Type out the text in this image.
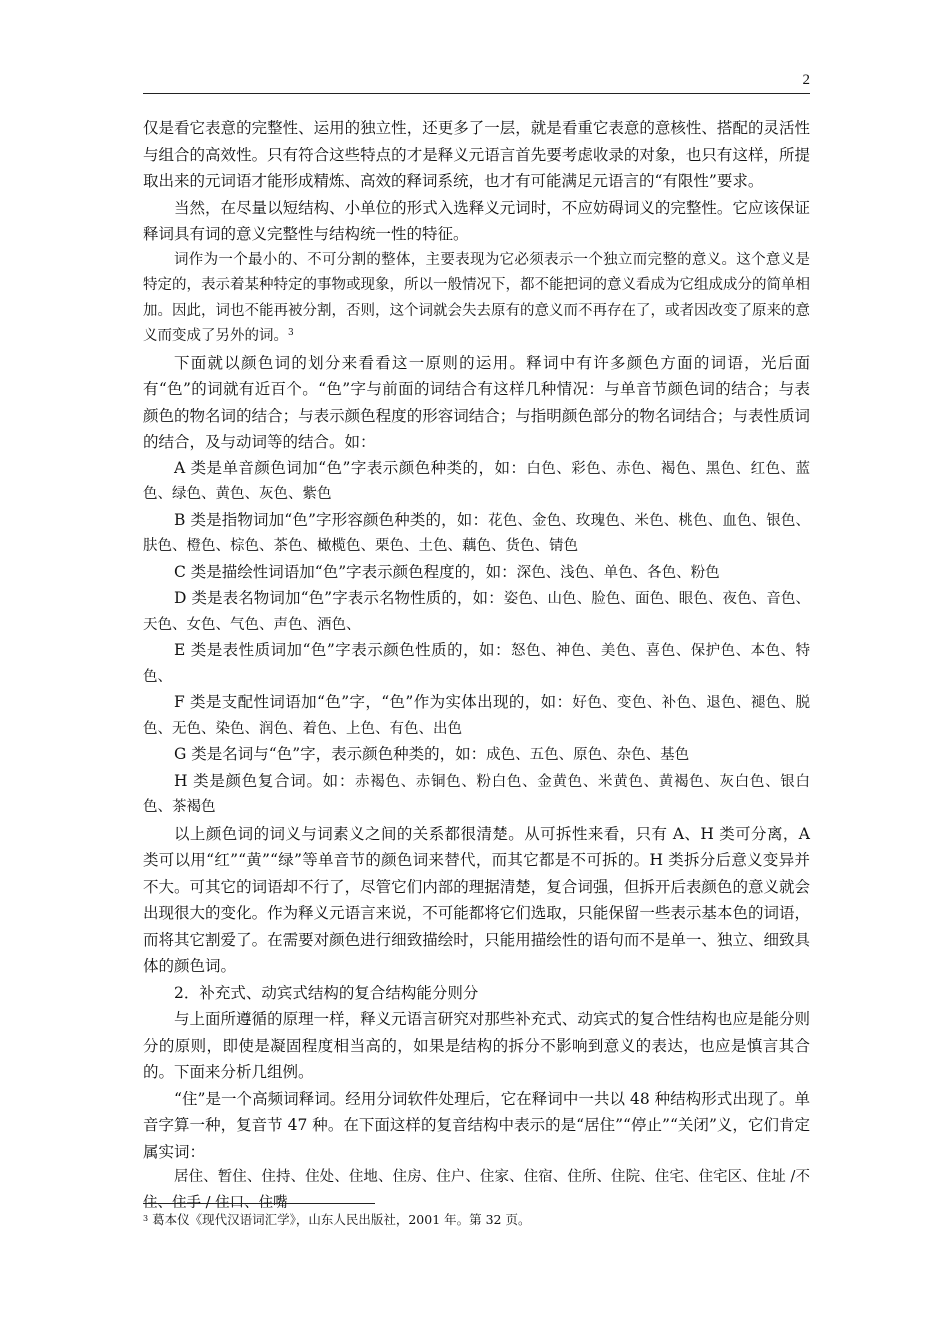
2

仅是看它表意的完整性、运用的独立性，还更多了一层，就是看重它表意的意核性、搭配的灵活性与组合的高效性。只有符合这些特点的才是释义元语言首先要考虑收录的对象，也只有这样，所提取出来的元词语才能形成精炼、高效的释词系统，也才有可能满足元语言的“有限性”要求。

当然，在尽量以短结构、小单位的形式入选释义元词时，不应妨碍词义的完整性。它应该保证释词具有词的意义完整性与结构统一性的特征。

词作为一个最小的、不可分割的整体，主要表现为它必须表示一个独立而完整的意义。这个意义是特定的，表示着某种特定的事物或现象，所以一般情况下，都不能把词的意义看成为它组成成分的简单相加。因此，词也不能再被分割，否则，这个词就会失去原有的意义而不再存在了，或者因改变了原来的意义而变成了另外的词。$^3$

下面就以颜色词的划分来看看这一原则的运用。释词中有许多颜色方面的词语，光后面有“色”的词就有近百个。“色”字与前面的词结合有这样几种情况：与单音节颜色词的结合；与表颜色的物名词的结合；与表示颜色程度的形容词结合；与指明颜色部分的物名词结合；与表性质词的结合，及与动词等的结合。如：

A 类是单音颜色词加“色”字表示颜色种类的，如：白色、彩色、赤色、褐色、黑色、红色、蓝色、绿色、黄色、灰色、紫色

B 类是指物词加“色”字形容颜色种类的，如：花色、金色、玫瑰色、米色、桃色、血色、银色、肤色、橙色、棕色、茶色、橄榄色、栗色、土色、藕色、货色、锖色

C 类是描绘性词语加“色”字表示颜色程度的，如：深色、浅色、单色、各色、粉色

D 类是表名物词加“色”字表示名物性质的，如：姿色、山色、脸色、面色、眼色、夜色、音色、天色、女色、气色、声色、酒色、

E 类是表性质词加“色”字表示颜色性质的，如：怒色、神色、美色、喜色、保护色、本色、特色、

F 类是支配性词语加“色”字，“色”作为实体出现的，如：好色、变色、补色、退色、褪色、脱色、无色、染色、润色、着色、上色、有色、出色

G 类是名词与“色”字，表示颜色种类的，如：成色、五色、原色、杂色、基色

H 类是颜色复合词。如：赤褐色、赤铜色、粉白色、金黄色、米黄色、黄褐色、灰白色、银白色、茶褐色

以上颜色词的词义与词素义之间的关系都很清楚。从可拆性来看，只有 A、H 类可分离，A 类可以用“红”“黄”“绿”等单音节的颜色词来替代，而其它都是不可拆的。H 类拆分后意义变异并不大。可其它的词语却不行了，尽管它们内部的理据清楚，复合词强，但拆开后表颜色的意义就会出现很大的变化。作为释义元语言来说，不可能都将它们选取，只能保留一些表示基本色的词语，而将其它割爱了。在需要对颜色进行细致描绘时，只能用描绘性的语句而不是单一、独立、细致具体的颜色词。

2．补充式、动宾式结构的复合结构能分则分

与上面所遵循的原理一样，释义元语言研究对那些补充式、动宾式的复合性结构也应是能分则分的原则，即使是凝固程度相当高的，如果是结构的拆分不影响到意义的表达，也应是慎言其合的。下面来分析几组例。

“住”是一个高频词释词。经用分词软件处理后，它在释词中一共以 48 种结构形式出现了。单音字算一种，复音节 47 种。在下面这样的复音结构中表示的是“居住”“停止”“关闭”义，它们肯定属实词：

居住、暂住、住持、住处、住地、住房、住户、住家、住宿、住所、住院、住宅、住宅区、住址 /不住、住手 / 住口、住嘴

$^3$ 葛本仪《现代汉语词汇学》，山东人民出版社，2001 年。第 32 页。
